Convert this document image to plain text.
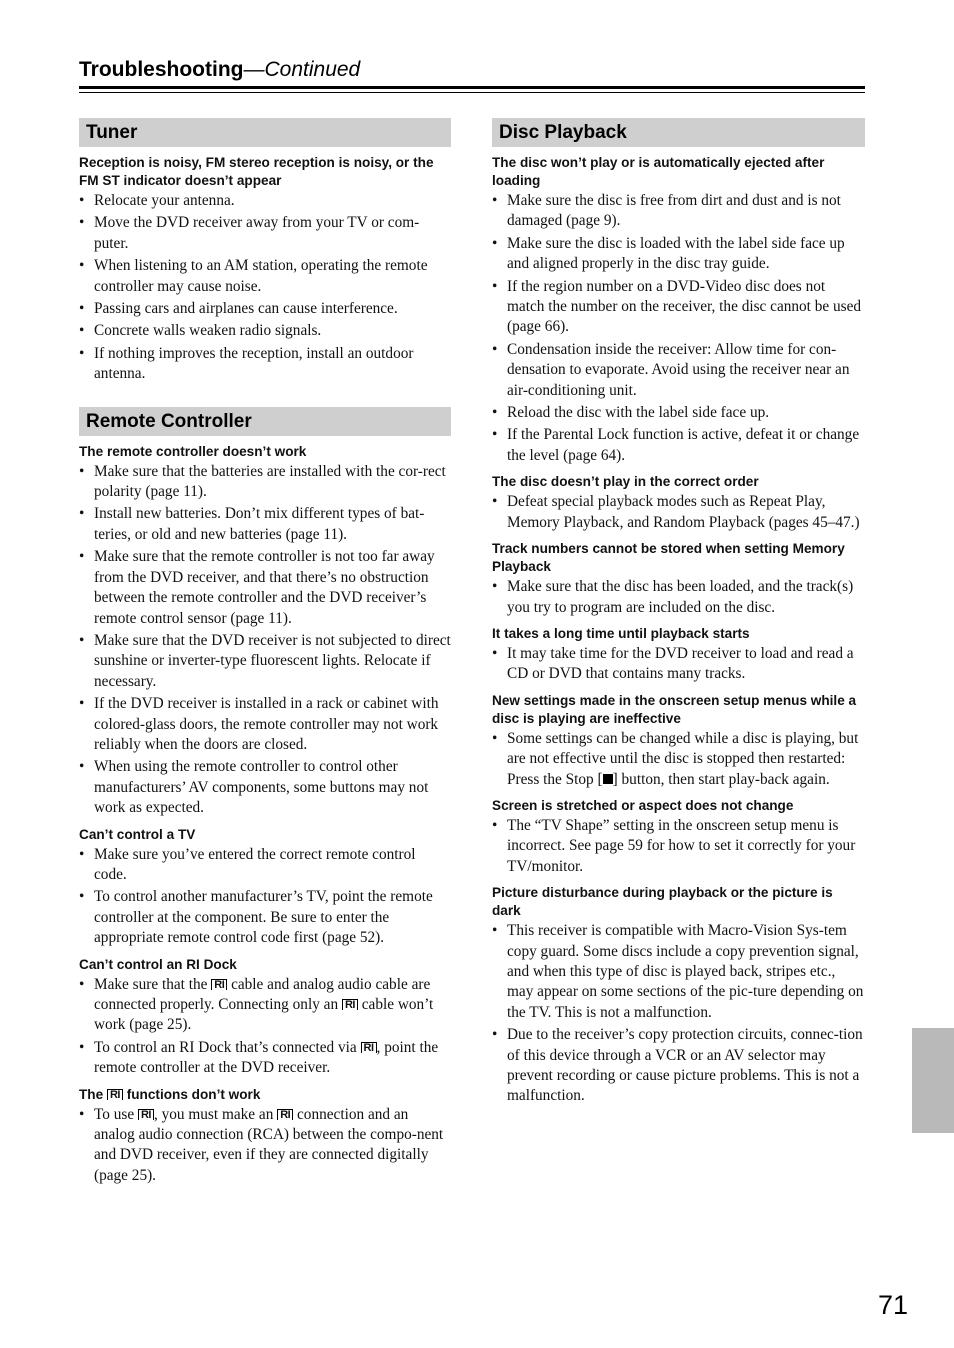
Troubleshooting—Continued
Tuner
Reception is noisy, FM stereo reception is noisy, or the FM ST indicator doesn’t appear
• Relocate your antenna.
• Move the DVD receiver away from your TV or com-puter.
• When listening to an AM station, operating the remote controller may cause noise.
• Passing cars and airplanes can cause interference.
• Concrete walls weaken radio signals.
• If nothing improves the reception, install an outdoor antenna.
Remote Controller
The remote controller doesn’t work
• Make sure that the batteries are installed with the cor-rect polarity (page 11).
• Install new batteries. Don’t mix different types of bat-teries, or old and new batteries (page 11).
• Make sure that the remote controller is not too far away from the DVD receiver, and that there’s no obstruction between the remote controller and the DVD receiver’s remote control sensor (page 11).
• Make sure that the DVD receiver is not subjected to direct sunshine or inverter-type fluorescent lights. Relocate if necessary.
• If the DVD receiver is installed in a rack or cabinet with colored-glass doors, the remote controller may not work reliably when the doors are closed.
• When using the remote controller to control other manufacturers’ AV components, some buttons may not work as expected.
Can’t control a TV
• Make sure you’ve entered the correct remote control code.
• To control another manufacturer’s TV, point the remote controller at the component. Be sure to enter the appropriate remote control code first (page 52).
Can’t control an RI Dock
• Make sure that the RI cable and analog audio cable are connected properly. Connecting only an RI cable won’t work (page 25).
• To control an RI Dock that’s connected via RI , point the remote controller at the DVD receiver.
The RI functions don’t work
• To use RI , you must make an RI connection and an analog audio connection (RCA) between the compo-nent and DVD receiver, even if they are connected digitally (page 25).
Disc Playback
The disc won’t play or is automatically ejected after loading
• Make sure the disc is free from dirt and dust and is not damaged (page 9).
• Make sure the disc is loaded with the label side face up and aligned properly in the disc tray guide.
• If the region number on a DVD-Video disc does not match the number on the receiver, the disc cannot be used (page 66).
• Condensation inside the receiver: Allow time for con-densation to evaporate. Avoid using the receiver near an air-conditioning unit.
• Reload the disc with the label side face up.
• If the Parental Lock function is active, defeat it or change the level (page 64).
The disc doesn’t play in the correct order
• Defeat special playback modes such as Repeat Play, Memory Playback, and Random Playback (pages 45–47.)
Track numbers cannot be stored when setting Memory Playback
• Make sure that the disc has been loaded, and the track(s) you try to program are included on the disc.
It takes a long time until playback starts
• It may take time for the DVD receiver to load and read a CD or DVD that contains many tracks.
New settings made in the onscreen setup menus while a disc is playing are ineffective
• Some settings can be changed while a disc is playing, but are not effective until the disc is stopped then restarted: Press the Stop [ ] button, then start play-back again.
Screen is stretched or aspect does not change
• The “TV Shape” setting in the onscreen setup menu is incorrect. See page 59 for how to set it correctly for your TV/monitor.
Picture disturbance during playback or the picture is dark
• This receiver is compatible with Macro-Vision Sys-tem copy guard. Some discs include a copy prevention signal, and when this type of disc is played back, stripes etc., may appear on some sections of the pic-ture depending on the TV. This is not a malfunction.
• Due to the receiver’s copy protection circuits, connec-tion of this device through a VCR or an AV selector may prevent recording or cause picture problems. This is not a malfunction.
71
